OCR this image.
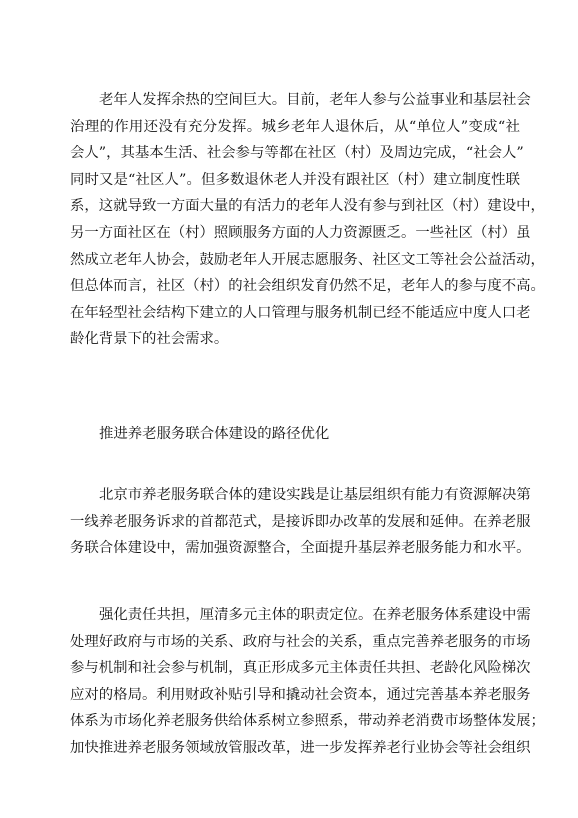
老年人发挥余热的空间巨大。目前，老年人参与公益事业和基层社会
治理的作用还没有充分发挥。城乡老年人退休后，从“单位人”变成“社
会人”，其基本生活、社会参与等都在社区（村）及周边完成，“社会人”
同时又是“社区人”。但多数退休老人并没有跟社区（村）建立制度性联
系，这就导致一方面大量的有活力的老年人没有参与到社区（村）建设中，
另一方面社区在（村）照顾服务方面的人力资源匮乏。一些社区（村）虽
然成立老年人协会，鼓励老年人开展志愿服务、社区文工等社会公益活动，
但总体而言，社区（村）的社会组织发育仍然不足，老年人的参与度不高。
在年轻型社会结构下建立的人口管理与服务机制已经不能适应中度人口老
龄化背景下的社会需求。
推进养老服务联合体建设的路径优化
北京市养老服务联合体的建设实践是让基层组织有能力有资源解决第
一线养老服务诉求的首都范式，是接诉即办改革的发展和延伸。在养老服
务联合体建设中，需加强资源整合，全面提升基层养老服务能力和水平。
强化责任共担，厘清多元主体的职责定位。在养老服务体系建设中需
处理好政府与市场的关系、政府与社会的关系，重点完善养老服务的市场
参与机制和社会参与机制，真正形成多元主体责任共担、老龄化风险梯次
应对的格局。利用财政补贴引导和撬动社会资本，通过完善基本养老服务
体系为市场化养老服务供给体系树立参照系，带动养老消费市场整体发展；
加快推进养老服务领域放管服改革，进一步发挥养老行业协会等社会组织
